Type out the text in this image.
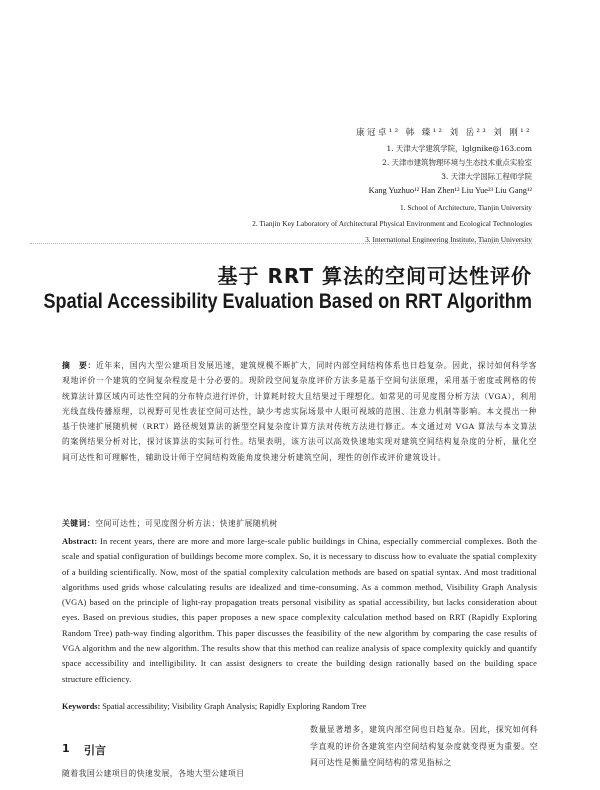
康冠卓¹² 韩 臻¹² 刘 岳²³ 刘 刚¹²
1. 天津大学建筑学院，lglgnike@163.com
2. 天津市建筑物理环境与生态技术重点实验室
3. 天津大学国际工程师学院
Kang Yuzhuo¹² Han Zhen¹² Liu Yue²³ Liu Gang¹²
1. School of Architecture, Tianjin University
2. Tianjin Key Laboratory of Architectural Physical Environment and Ecological Technologies
3. International Engineering Institute, Tianjin University
基于 RRT 算法的空间可达性评价
Spatial Accessibility Evaluation Based on RRT Algorithm
摘　要：近年来，国内大型公建项目发展迅速，建筑规模不断扩大，同时内部空间结构体系也日趋复杂。因此，探讨如何科学客观地评价一个建筑的空间复杂程度是十分必要的。现阶段空间复杂度评价方法多是基于空间句法原理，采用基于密度或网格的传统算法计算区域内可达性空间的分布特点进行评价，计算耗时较大且结果过于理想化。如常见的可见度图分析方法（VGA），利用光线直线传播原理，以视野可见性表征空间可达性，缺少考虑实际场景中人眼可视域的范围、注意力机制等影响。本文提出一种基于快速扩展随机树（RRT）路径规划算法的新型空间复杂度计算方法对传统方法进行修正。本文通过对 VGA 算法与本文算法的案例结果分析对比，探讨该算法的实际可行性。结果表明，该方法可以高效快速地实现对建筑空间结构复杂度的分析，量化空间可达性和可理解性，辅助设计师于空间结构效能角度快速分析建筑空间，理性的创作或评价建筑设计。
关键词：空间可达性；可见度图分析方法；快速扩展随机树
Abstract: In recent years, there are more and more large-scale public buildings in China, especially commercial complexes. Both the scale and spatial configuration of buildings become more complex. So, it is necessary to discuss how to evaluate the spatial complexity of a building scientifically. Now, most of the spatial complexity calculation methods are based on spatial syntax. And most traditional algorithms used grids whose calculating results are idealized and time-consuming. As a common method, Visibility Graph Analysis (VGA) based on the principle of light-ray propagation treats personal visibility as spatial accessibility, but lacks consideration about eyes. Based on previous studies, this paper proposes a new space complexity calculation method based on RRT (Rapidly Exploring Random Tree) path-way finding algorithm. This paper discusses the feasibility of the new algorithm by comparing the case results of VGA algorithm and the new algorithm. The results show that this method can realize analysis of space complexity quickly and quantify space accessibility and intelligibility. It can assist designers to create the building design rationally based on the building space structure efficiency.
Keywords: Spatial accessibility; Visibility Graph Analysis; Rapidly Exploring Random Tree
1 引言
随着我国公建项目的快速发展，各地大型公建项目
数量显著增多，建筑内部空间也日趋复杂。因此，探究如何科学直观的评价各建筑室内空间结构复杂度就变得更为重要。空间可达性是衡量空间结构的常见指标之
